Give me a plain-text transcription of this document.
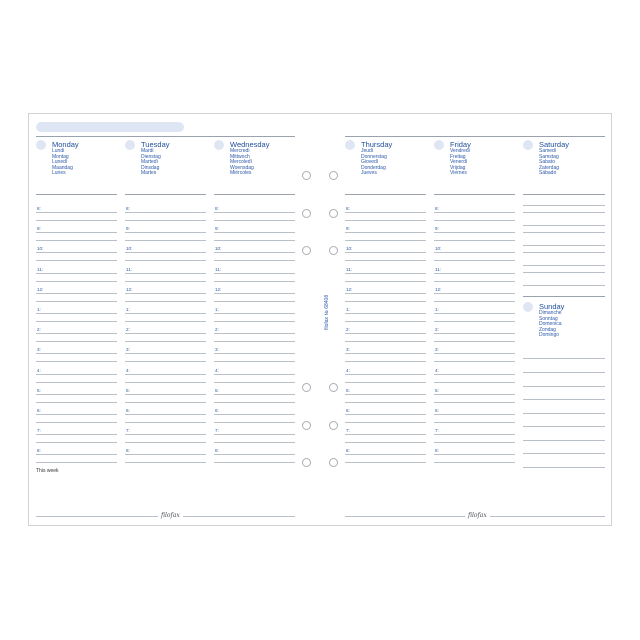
Monday
Lundi
Montag
Lunedì
Maandag
Lunes
Tuesday
Mardi
Dienstag
Martedì
Dinsdag
Martes
Wednesday
Mercredi
Mittwoch
Mercoledì
Woensdag
Miércoles
Thursday
Jeudi
Donnerstag
Giovedì
Donderdag
Jueves
Friday
Vendredi
Freitag
Venerdì
Vrijdag
Viernes
Saturday
Samedi
Samstag
Sabato
Zaterdag
Sábado
Sunday
Dimanche
Sonntag
Domenica
Zondag
Domingo
8:
9:
10:
11:
12:
1:
2:
3:
4:
5:
6:
7:
8:
8:
9:
10:
11:
12:
1:
2:
3:
4:
5:
6:
7:
8:
8:
9:
10:
11:
12:
1:
2:
3:
4:
5:
6:
7:
8:
8:
9:
10:
11:
12:
1:
2:
3:
4:
5:
6:
7:
8:
8:
9:
10:
11:
12:
1:
2:
3:
4:
5:
6:
7:
8:
filofax № 68408
This week
filofax	filofax
